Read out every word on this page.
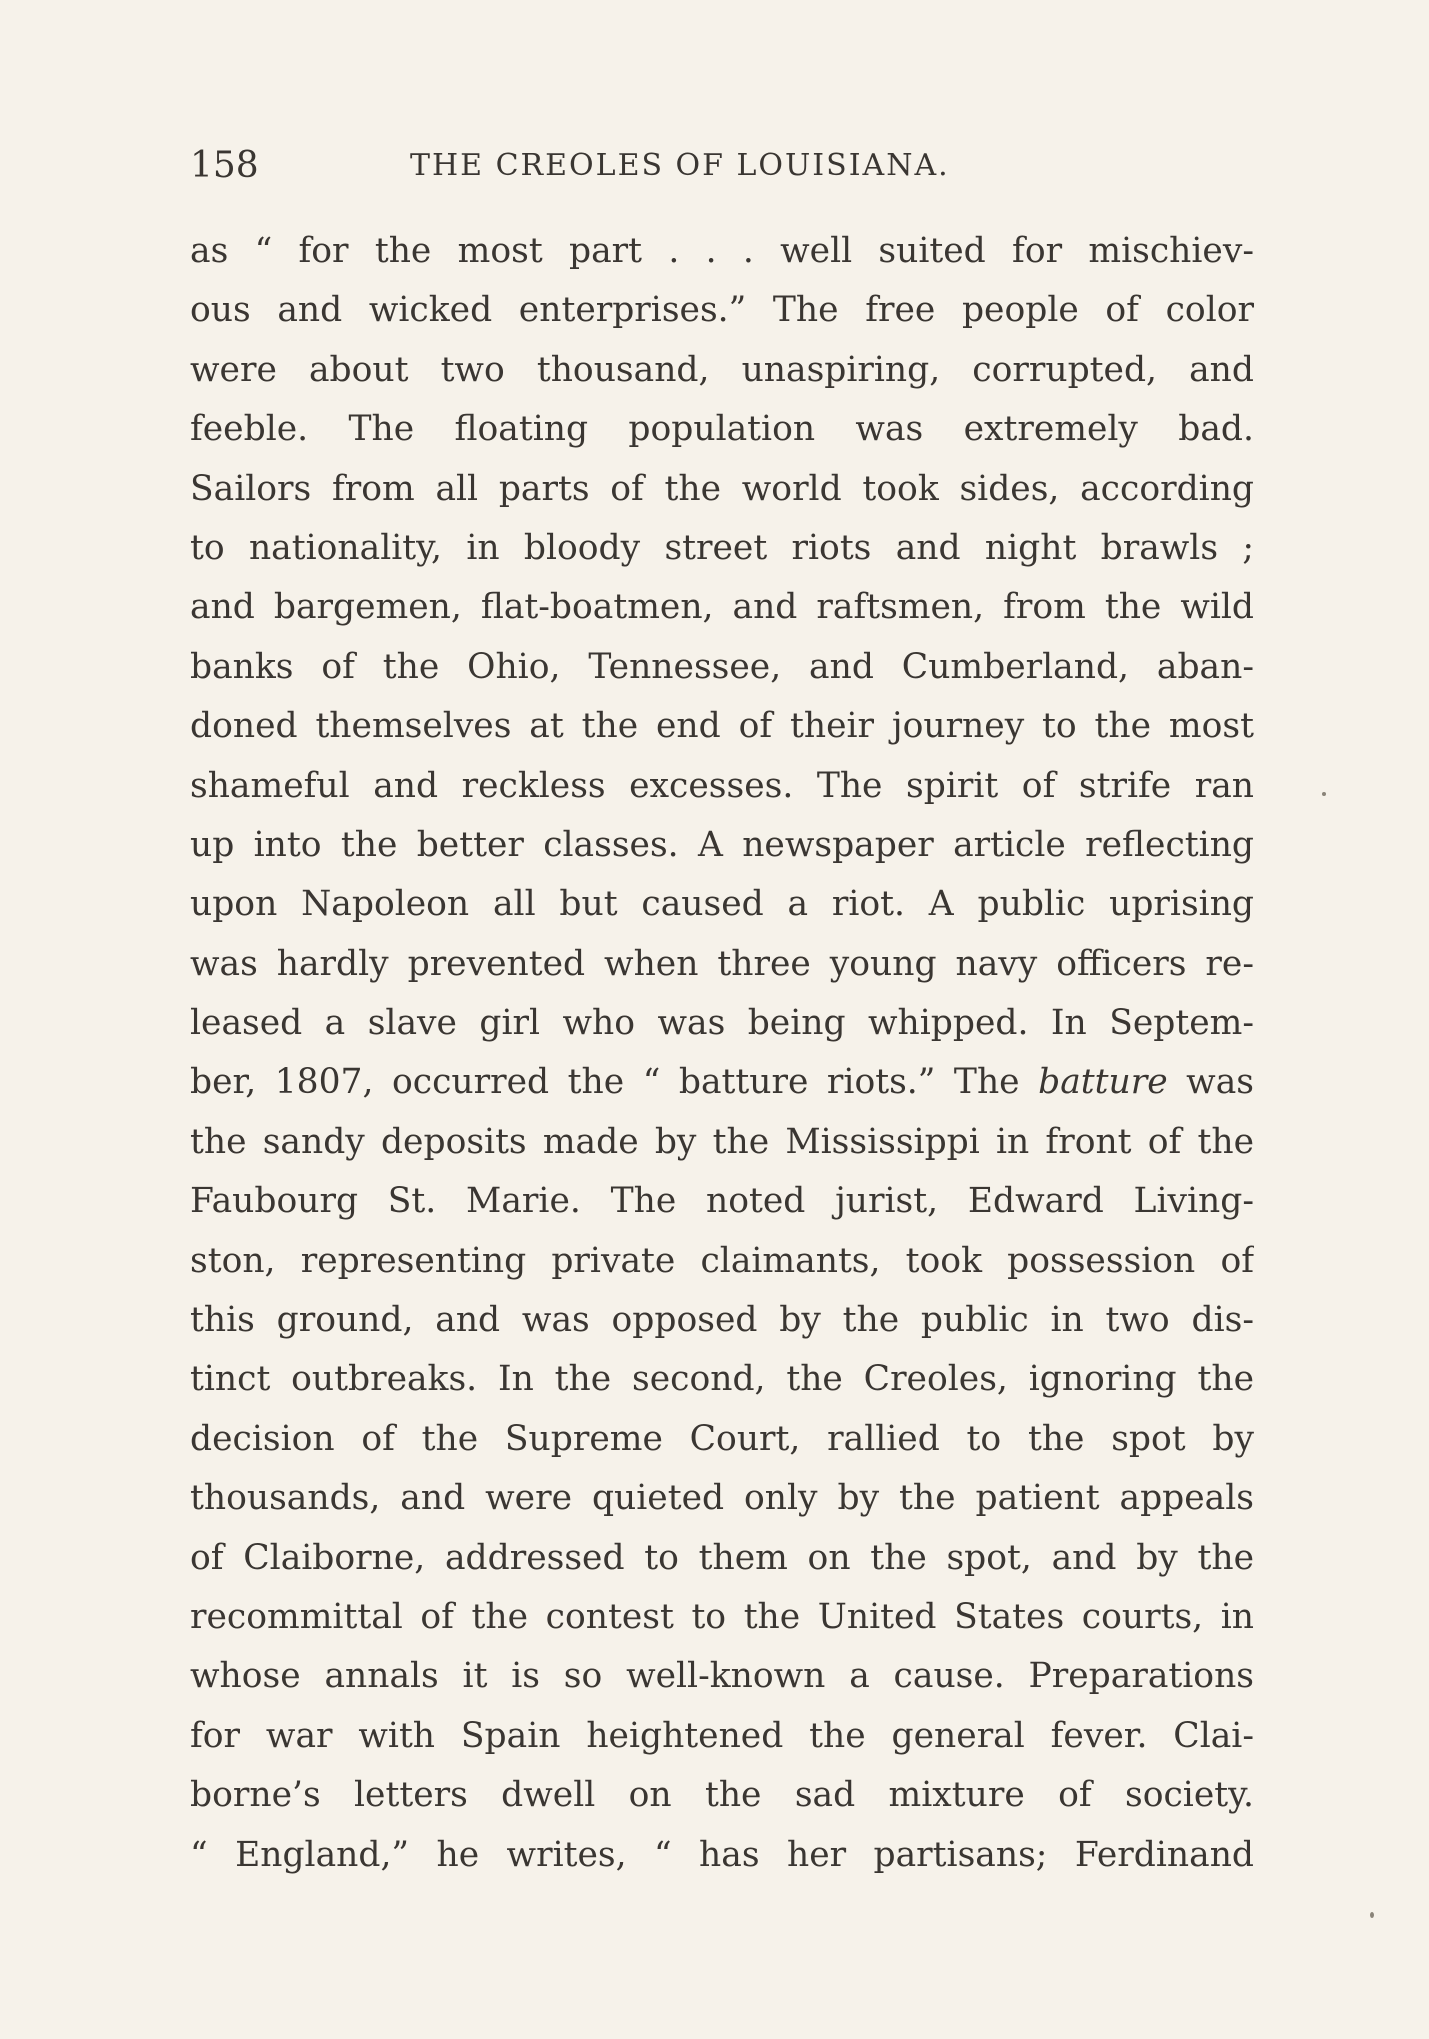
158	THE CREOLES OF LOUISIANA.
as “ for the most part . . . well suited for mischiev-
ous and wicked enterprises.” The free people of color
were about two thousand, unaspiring, corrupted, and
feeble. The floating population was extremely bad.
Sailors from all parts of the world took sides, according
to nationality, in bloody street riots and night brawls ;
and bargemen, flat-boatmen, and raftsmen, from the wild
banks of the Ohio, Tennessee, and Cumberland, aban-
doned themselves at the end of their journey to the most
shameful and reckless excesses. The spirit of strife ran
up into the better classes. A newspaper article reflecting
upon Napoleon all but caused a riot. A public uprising
was hardly prevented when three young navy officers re-
leased a slave girl who was being whipped. In Septem-
ber, 1807, occurred the “ batture riots.” The batture was
the sandy deposits made by the Mississippi in front of the
Faubourg St. Marie. The noted jurist, Edward Living-
ston, representing private claimants, took possession of
this ground, and was opposed by the public in two dis-
tinct outbreaks. In the second, the Creoles, ignoring the
decision of the Supreme Court, rallied to the spot by
thousands, and were quieted only by the patient appeals
of Claiborne, addressed to them on the spot, and by the
recommittal of the contest to the United States courts, in
whose annals it is so well-known a cause. Preparations
for war with Spain heightened the general fever. Clai-
borne’s letters dwell on the sad mixture of society.
“ England,” he writes, “ has her partisans; Ferdinand
